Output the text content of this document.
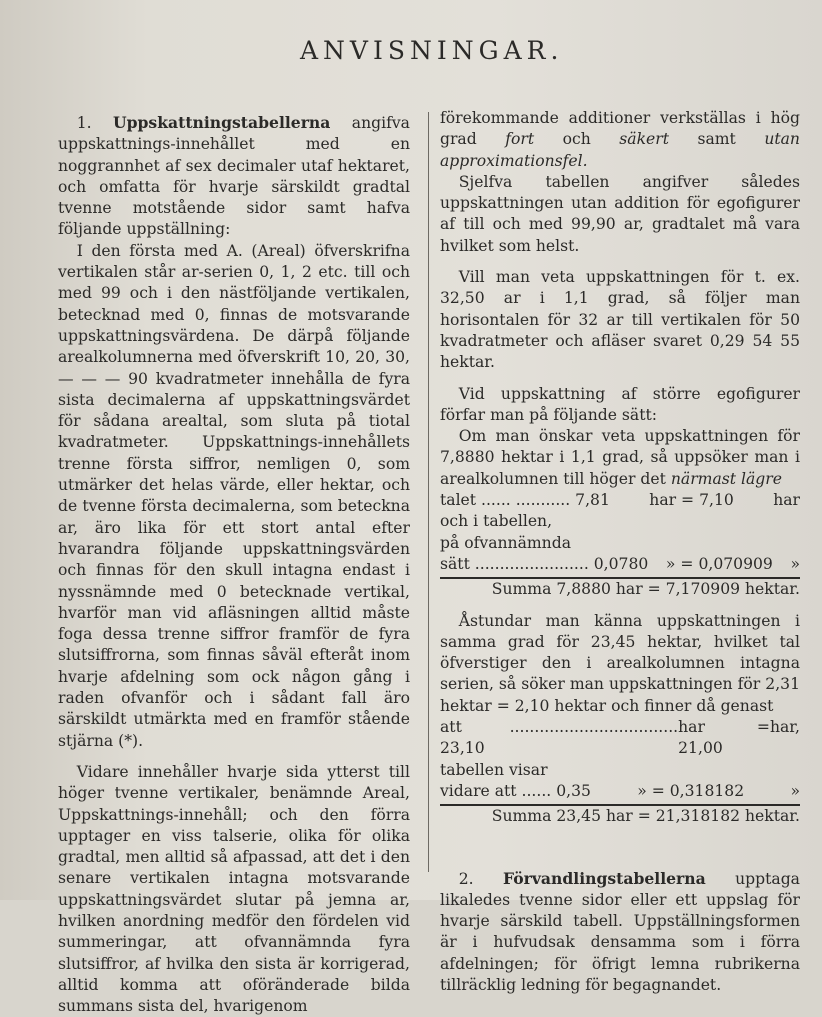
ANVISNINGAR.

1. Uppskattningstabellerna angifva uppskattnings-innehållet med en noggrannhet af sex decimaler utaf hektaret, och omfatta för hvarje särskildt gradtal tvenne motstående sidor samt hafva följande uppställning:

I den första med A. (Areal) öfverskrifna vertikalen står ar-serien 0, 1, 2 etc. till och med 99 och i den nästföljande vertikalen, betecknad med 0, finnas de motsvarande uppskattningsvärdena. De därpå följande arealkolumnerna med öfverskrift 10, 20, 30, — — — 90 kvadratmeter innehålla de fyra sista decimalerna af uppskattningsvärdet för sådana arealtal, som sluta på tiotal kvadratmeter. Uppskattnings-innehållets trenne första siffror, nemligen 0, som utmärker det helas värde, eller hektar, och de tvenne första decimalerna, som beteckna ar, äro lika för ett stort antal efter hvarandra följande uppskattningsvärden och finnas för den skull intagna endast i nyssnämnde med 0 betecknade vertikal, hvarför man vid afläsningen alltid måste foga dessa trenne siffror framför de fyra slutsiffrorna, som finnas såväl efteråt inom hvarje afdelning som ock någon gång i raden ofvanför och i sådant fall äro särskildt utmärkta med en framför stående stjärna (*).

Vidare innehåller hvarje sida ytterst till höger tvenne vertikaler, benämnde Areal, Uppskattnings-innehåll; och den förra upptager en viss talserie, olika för olika gradtal, men alltid så afpassad, att det i den senare vertikalen intagna motsvarande uppskattningsvärdet slutar på jemna ar, hvilken anordning medför den fördelen vid summeringar, att ofvannämnda fyra slutsiffror, af hvilka den sista är korrigerad, alltid komma att oföränderade bilda summans sista del, hvarigenom

förekommande additioner verkställas i hög grad fort och säkert samt utan approximationsfel.

Sjelfva tabellen angifver således uppskattningen utan addition för egofigurer af till och med 99,90 ar, gradtalet må vara hvilket som helst.

Vill man veta uppskattningen för t. ex. 32,50 ar i 1,1 grad, så följer man horisontalen för 32 ar till vertikalen för 50 kvadratmeter och afläser svaret 0,29 54 55 hektar.

Vid uppskattning af större egofigurer förfar man på följande sätt:

Om man önskar veta uppskattningen för 7,8880 hektar i 1,1 grad, så uppsöker man i arealkolumnen till höger det närmast lägre

talet ...... ........... 7,81	har = 7,10	har
och i tabellen,
på ofvannämnda
sätt ....................... 0,0780 » = 0,070909 »
Summa 7,8880 har = 7,170909 hektar.

Åstundar man känna uppskattningen i samma grad för 23,45 hektar, hvilket tal öfverstiger den i arealkolumnen intagna serien, så söker man uppskattningen för 2,31 hektar = 2,10 hektar och finner då genast

att .................................. 23,10
har = 21,00
har,
tabellen visar
vidare att ...... 0,35	» = 0,318182	»
Summa 23,45 har = 21,318182 hektar.

2. Förvandlingstabellerna upptaga likaledes tvenne sidor eller ett uppslag för hvarje särskild tabell. Uppställningsformen är i hufvudsak densamma som i förra afdelningen; för öfrigt lemna rubrikerna tillräcklig ledning för begagnandet.
